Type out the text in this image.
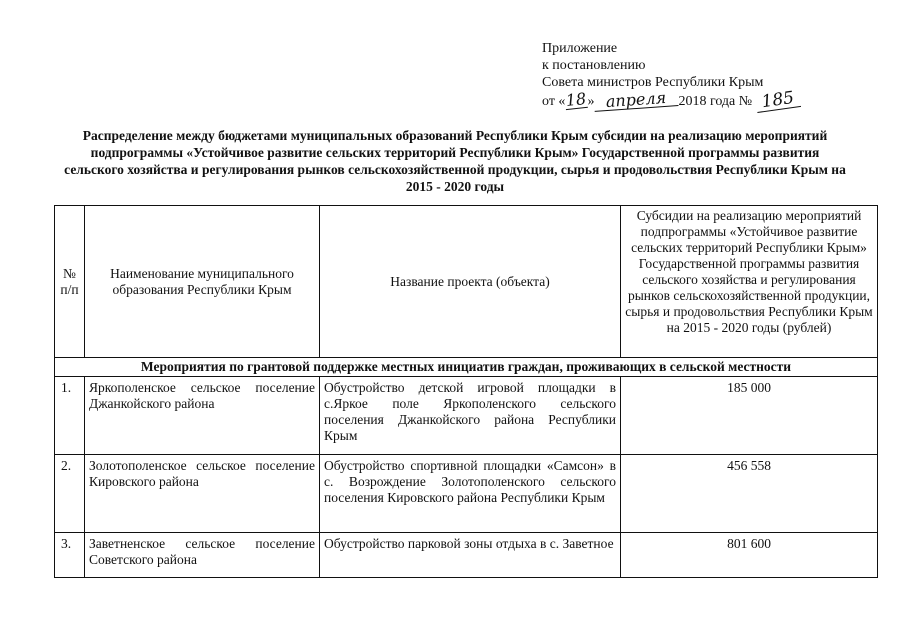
Приложение
к постановлению
Совета министров Республики Крым
от «18» апреля 2018 года № 185
Распределение между бюджетами муниципальных образований Республики Крым субсидии на реализацию мероприятий подпрограммы «Устойчивое развитие сельских территорий Республики Крым» Государственной программы развития сельского хозяйства и регулирования рынков сельскохозяйственной продукции, сырья и продовольствия Республики Крым на 2015 - 2020 годы
№ п/п	Наименование муниципального образования Республики Крым	Название проекта (объекта)	Субсидии на реализацию мероприятий подпрограммы «Устойчивое развитие сельских территорий Республики Крым» Государственной программы развития сельского хозяйства и регулирования рынков сельскохозяйственной продукции, сырья и продовольствия Республики Крым на 2015 - 2020 годы (рублей)
Мероприятия по грантовой поддержке местных инициатив граждан, проживающих в сельской местности			
1.	Яркополенское сельское поселение Джанкойского района	Обустройство детской игровой площадки в с.Яркое поле Яркополенского сельского поселения Джанкойского района Республики Крым	185 000
2.	Золотополенское сельское поселение Кировского района	Обустройство спортивной площадки «Самсон» в с. Возрождение Золотополенского сельского поселения Кировского района Республики Крым	456 558
3.	Заветненское сельское поселение Советского района	Обустройство парковой зоны отдыха в с. Заветное	801 600
